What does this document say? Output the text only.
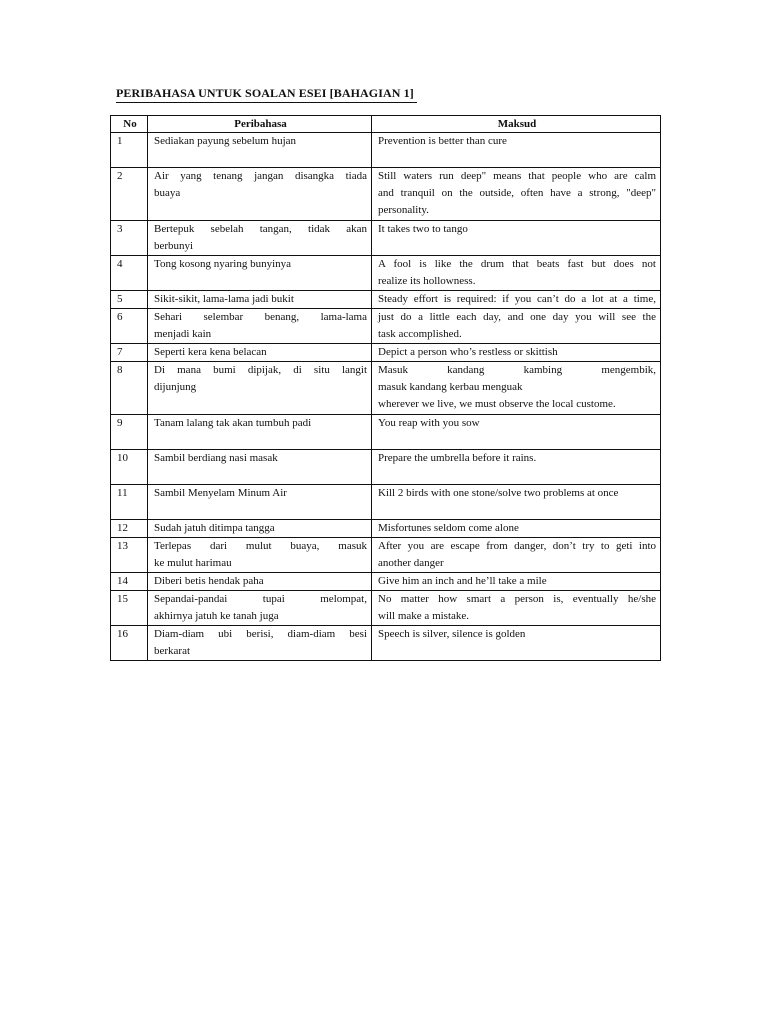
PERIBAHASA UNTUK SOALAN ESEI [BAHAGIAN 1]
No	Peribahasa	Maksud
1	Sediakan payung sebelum hujan	Prevention is better than cure

2	Air yang tenang jangan disangka tiada
buaya	Still waters run deep" means that people who are calm
and tranquil on the outside, often have a strong, "deep"
personality.

3	Bertepuk sebelah tangan, tidak akan
berbunyi	It takes two to tango

4	Tong kosong nyaring bunyinya	A fool is like the drum that beats fast but does not
realize its hollowness.

5	Sikit-sikit, lama-lama jadi bukit	Steady effort is required: if you can’t do a lot at a time,

6	Sehari selembar benang, lama-lama
menjadi kain	just do a little each day, and one day you will see the
task accomplished.

7	Seperti kera kena belacan	Depict a person who’s restless or skittish

8	Di mana bumi dipijak, di situ langit
dijunjung	Masuk kandang kambing mengembik,
masuk kandang kerbau menguak
wherever we live, we must observe the local custome.

9	Tanam lalang tak akan tumbuh padi	You reap with you sow

10	Sambil berdiang nasi masak	Prepare the umbrella before it rains.

11	Sambil Menyelam Minum Air	Kill 2 birds with one stone/solve two problems at once

12	Sudah jatuh ditimpa tangga	Misfortunes seldom come alone

13	Terlepas dari mulut buaya, masuk
ke mulut harimau	After you are escape from danger, don’t try to geti into
another danger

14	Diberi betis hendak paha	Give him an inch and he’ll take a mile

15	Sepandai-pandai tupai melompat,
akhirnya jatuh ke tanah juga	No matter how smart a person is, eventually he/she
will make a mistake.

16	Diam-diam ubi berisi, diam-diam besi
berkarat	Speech is silver, silence is golden
